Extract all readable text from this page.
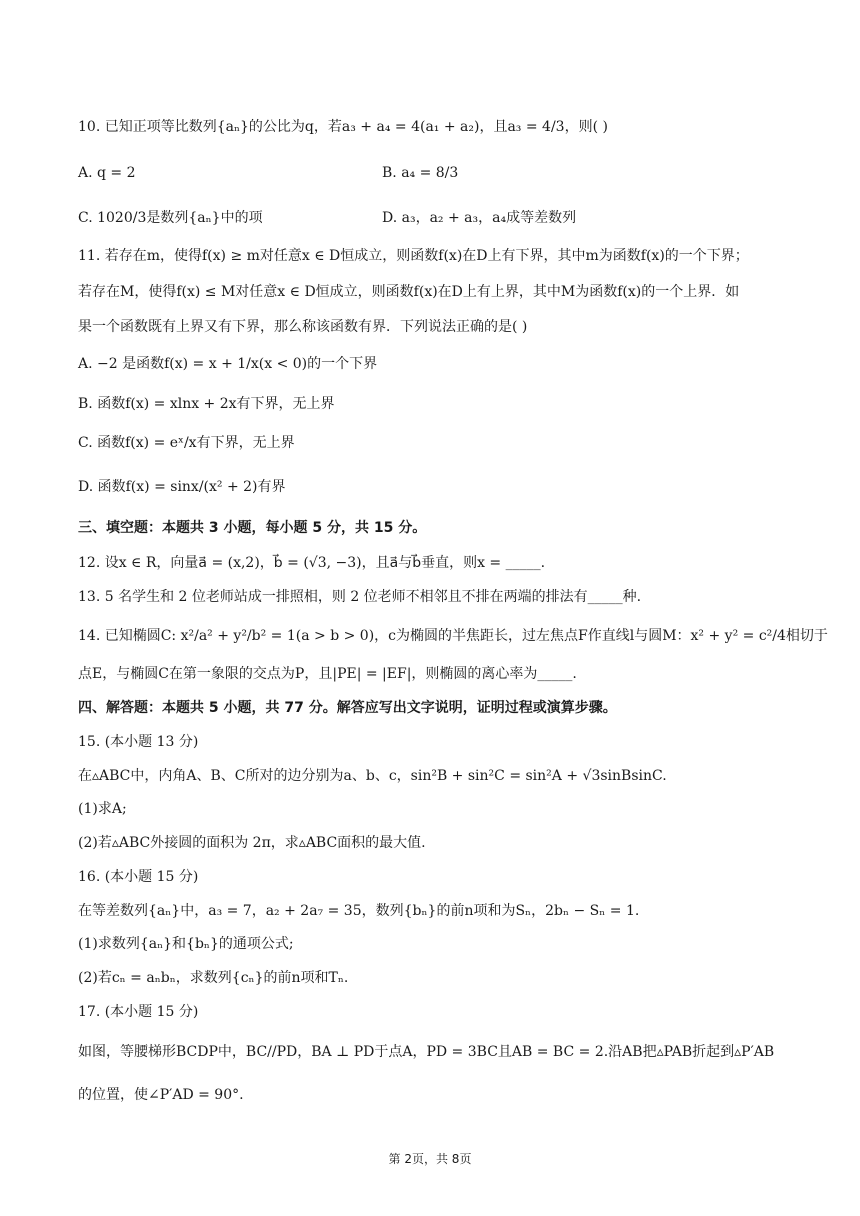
10. 已知正项等比数列{aₙ}的公比为q，若a₃ + a₄ = 4(a₁ + a₂)，且a₃ = 4/3，则( )
A. q = 2	B. a₄ = 8/3
C. 1020/3是数列{aₙ}中的项	D. a₃，a₂ + a₃，a₄成等差数列
11. 若存在m，使得f(x) ≥ m对任意x ∈ D恒成立，则函数f(x)在D上有下界，其中m为函数f(x)的一个下界；
若存在M，使得f(x) ≤ M对任意x ∈ D恒成立，则函数f(x)在D上有上界，其中M为函数f(x)的一个上界．如
果一个函数既有上界又有下界，那么称该函数有界．下列说法正确的是( )
A. −2 是函数f(x) = x + 1/x(x < 0)的一个下界
B. 函数f(x) = xlnx + 2x有下界，无上界
C. 函数f(x) = eˣ/x有下界，无上界
D. 函数f(x) = sinx/(x² + 2)有界
三、填空题：本题共 3 小题，每小题 5 分，共 15 分。
12. 设x ∈ R，向量a⃗ = (x,2)，b⃗ = (√3, −3)，且a⃗与b⃗垂直，则x = _____.
13. 5 名学生和 2 位老师站成一排照相，则 2 位老师不相邻且不排在两端的排法有_____种.
14. 已知椭圆C: x²/a² + y²/b² = 1(a > b > 0)，c为椭圆的半焦距长，过左焦点F作直线l与圆M：x² + y² = c²/4相切于
点E，与椭圆C在第一象限的交点为P，且|PE| = |EF|，则椭圆的离心率为_____.
四、解答题：本题共 5 小题，共 77 分。解答应写出文字说明，证明过程或演算步骤。
15. (本小题 13 分)
在▵ABC中，内角A、B、C所对的边分别为a、b、c，sin²B + sin²C = sin²A + √3sinBsinC.
(1)求A;
(2)若▵ABC外接圆的面积为 2π，求▵ABC面积的最大值.
16. (本小题 15 分)
在等差数列{aₙ}中，a₃ = 7，a₂ + 2a₇ = 35，数列{bₙ}的前n项和为Sₙ，2bₙ − Sₙ = 1.
(1)求数列{aₙ}和{bₙ}的通项公式;
(2)若cₙ = aₙbₙ，求数列{cₙ}的前n项和Tₙ.
17. (本小题 15 分)
如图，等腰梯形BCDP中，BC//PD，BA ⊥ PD于点A，PD = 3BC且AB = BC = 2.沿AB把▵PAB折起到▵P′AB
的位置，使∠P′AD = 90°.
第 2页，共 8页
